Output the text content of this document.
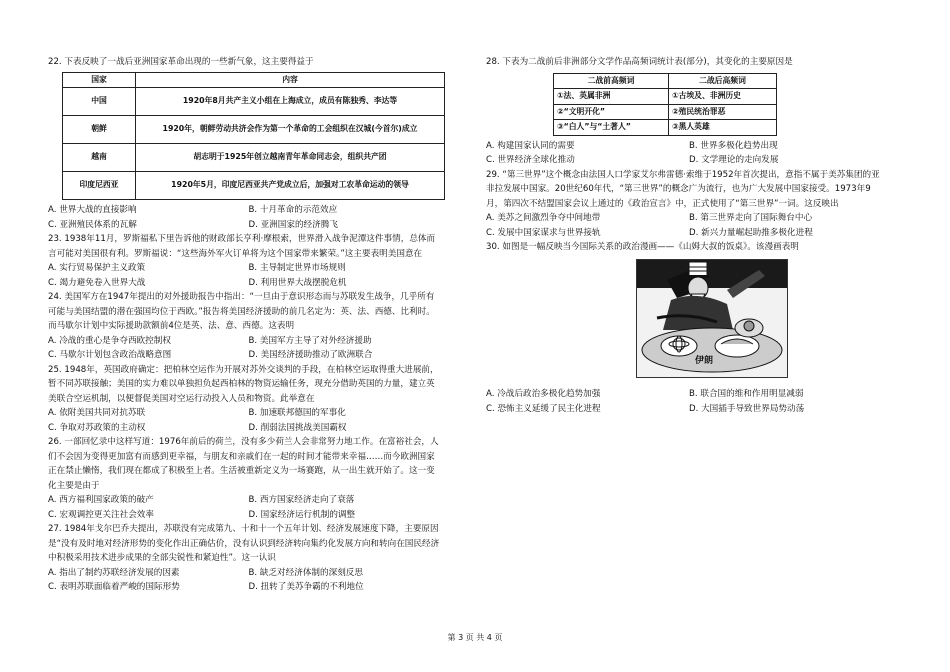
22. 下表反映了一战后亚洲国家革命出现的一些新气象，这主要得益于

国家	内容
中国	1920年8月共产主义小组在上海成立，成员有陈独秀、李达等
朝鲜	1920年，朝鲜劳动共济会作为第一个革命的工会组织在汉城(今首尔)成立
越南	胡志明于1925年创立越南青年革命同志会，组织共产团
印度尼西亚	1920年5月，印度尼西亚共产党成立后，加强对工农革命运动的领导
A. 世界大战的直接影响	B. 十月革命的示范效应
C. 亚洲殖民体系的瓦解	D. 亚洲国家的经济腾飞

23. 1938年11月，罗斯福私下里告诉他的财政部长亨利·摩根索，世界滑入战争泥潭这件事情，总体而言可能对美国很有利。罗斯福说：“这些海外军火订单将为这个国家带来繁荣。”这主要表明美国意在

A. 实行贸易保护主义政策	B. 主导制定世界市场规则
C. 竭力避免卷入世界大战	D. 利用世界大战摆脱危机

24. 美国军方在1947年提出的对外援助报告中指出：“一旦由于意识形态而与苏联发生战争，几乎所有可能与美国结盟的潜在强国均位于西欧。”报告将美国经济援助的前几名定为：英、法、西德、比利时。而马歇尔计划中实际援助款额前4位是英、法、意、西德。这表明

A. 冷战的重心是争夺西欧控制权	B. 美国军方主导了对外经济援助
C. 马歇尔计划包含政治战略意图	D. 美国经济援助推动了欧洲联合

25. 1948年，英国政府确定：把柏林空运作为开展对苏外交谈判的手段，在柏林空运取得重大进展前，暂不同苏联接触；美国的实力难以单独担负起西柏林的物资运输任务，现充分借助英国的力量，建立英美联合空运机制，以便督促美国对空运行动投入人员和物资。此举意在

A. 依附美国共同对抗苏联	B. 加速联邦德国的军事化
C. 争取对苏政策的主动权	D. 削弱法国挑战美国霸权

26. 一部回忆录中这样写道：1976年前后的荷兰，没有多少荷兰人会非常努力地工作。在富裕社会，人们不会因为变得更加富有而感到更幸福，与朋友和亲戚们在一起的时间才能带来幸福……而今欧洲国家正在禁止懒惰，我们现在都成了积极至上者。生活被重新定义为一场赛跑，从一出生就开始了。这一变化主要是由于

A. 西方福利国家政策的破产	B. 西方国家经济走向了衰落
C. 宏观调控更关注社会效率	D. 国家经济运行机制的调整

27. 1984年戈尔巴乔夫提出，苏联没有完成第九、十和十一个五年计划、经济发展速度下降，主要原因是“没有及时地对经济形势的变化作出正确估价，没有认识到经济转向集约化发展方向和转向在国民经济中积极采用技术进步成果的全部尖锐性和紧迫性”。这一认识

A. 指出了制约苏联经济发展的因素	B. 缺乏对经济体制的深刻反思
C. 表明苏联面临着严峻的国际形势	D. 扭转了美苏争霸的不利地位

28. 下表为二战前后非洲部分文学作品高频词统计表(部分)，其变化的主要原因是

二战前高频词	二战后高频词
①法、英属非洲	①古埃及、非洲历史
②“文明开化”	②殖民统治罪恶
③“白人”与“土著人”	③黑人英雄
A. 构建国家认同的需要	B. 世界多极化趋势出现
C. 世界经济全球化推动	D. 文学理论的走向发展

29. “第三世界”这个概念由法国人口学家艾尔弗雷德·索维于1952年首次提出，意指不属于美苏集团的亚非拉发展中国家。20世纪60年代，“第三世界”的概念广为流行，也为广大发展中国家接受。1973年9月，第四次不结盟国家会议上通过的《政治宣言》中，正式使用了“第三世界”一词。这反映出

A. 美苏之间激烈争夺中间地带	B. 第三世界走向了国际舞台中心
C. 发展中国家谋求与世界接轨	D. 新兴力量崛起助推多极化进程

30. 如图是一幅反映当今国际关系的政治漫画——《山姆大叔的饭桌》。该漫画表明

伊朗
A. 冷战后政治多极化趋势加强	B. 联合国的维和作用明显减弱
C. 恐怖主义延缓了民主化进程	D. 大国插手导致世界局势动荡
第 3 页 共 4 页
